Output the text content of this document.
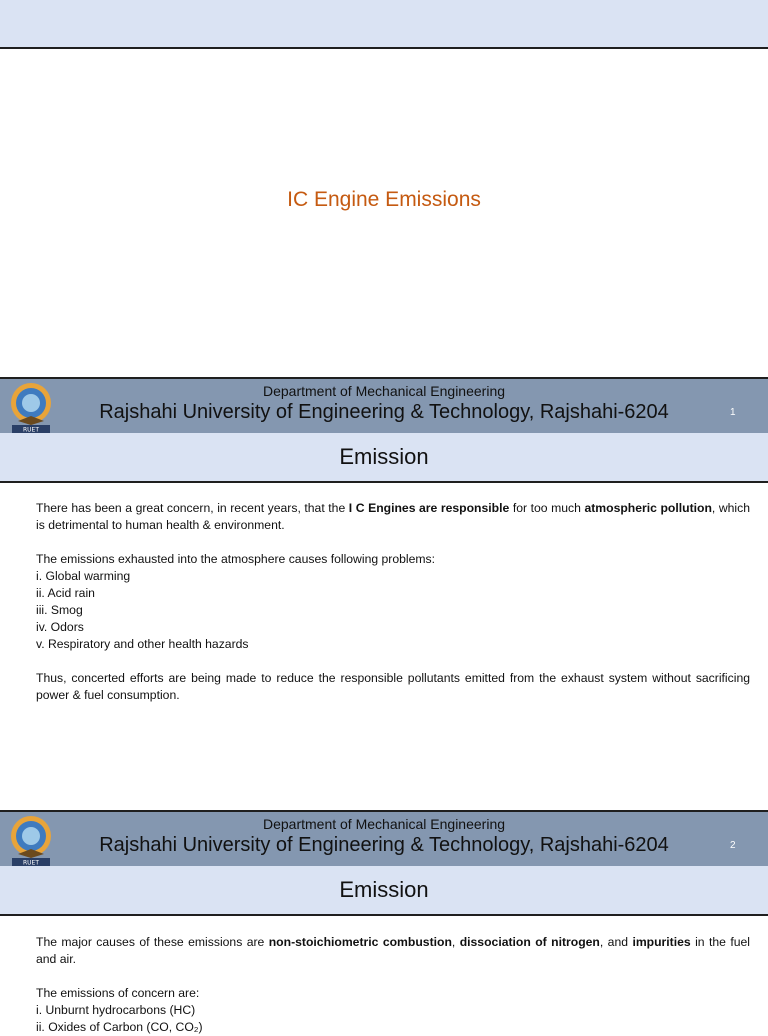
IC Engine Emissions
RUET
Department of Mechanical Engineering
Rajshahi University of Engineering & Technology, Rajshahi-6204	1
Emission

There has been a great concern, in recent years, that the I C Engines are responsible for too much atmospheric pollution, which is detrimental to human health & environment.

The emissions exhausted into the atmosphere causes following problems:

i. Global warming

ii. Acid rain

iii. Smog

iv. Odors

v. Respiratory and other health hazards

Thus, concerted efforts are being made to reduce the responsible pollutants emitted from the exhaust system without sacrificing power & fuel consumption.

RUET
Department of Mechanical Engineering
Rajshahi University of Engineering & Technology, Rajshahi-6204	2
Emission

The major causes of these emissions are non-stoichiometric combustion, dissociation of nitrogen, and impurities in the fuel and air.

The emissions of concern are:

i. Unburnt hydrocarbons (HC)

ii. Oxides of Carbon (CO, CO₂)
